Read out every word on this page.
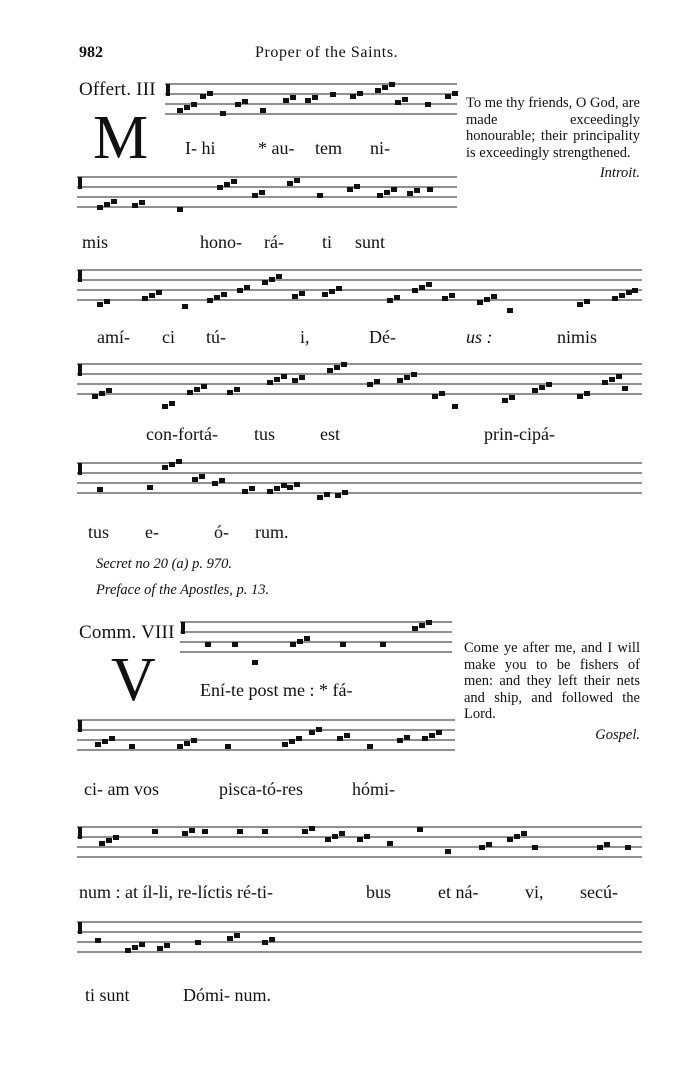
982	Proper of the Saints.
Offert. III
M I- hi * au- tem ni-
To me thy friends, O God, are made exceedingly honourable; their principality is exceedingly strengthened.
Introit.
mis	hono- rá- ti sunt
amí- ci tú-	i,	Dé-	us :	nimis
con-fortá- tus est	prin-cipá-
tus e-	ó- rum.
Secret no 20 (a) p. 970.
Preface of the Apostles, p. 13.
Comm. VIII
V Ení-te post me : * fá-
Come ye after me, and I will make you to be fishers of men: and they left their nets and ship, and followed the Lord.
Gospel.
ci- am vos	pisca-tó-res	hómi-
num : at íl-li, re-líctis ré-ti-	bus	et ná-	vi, secú-
ti sunt	Dómi- num.
